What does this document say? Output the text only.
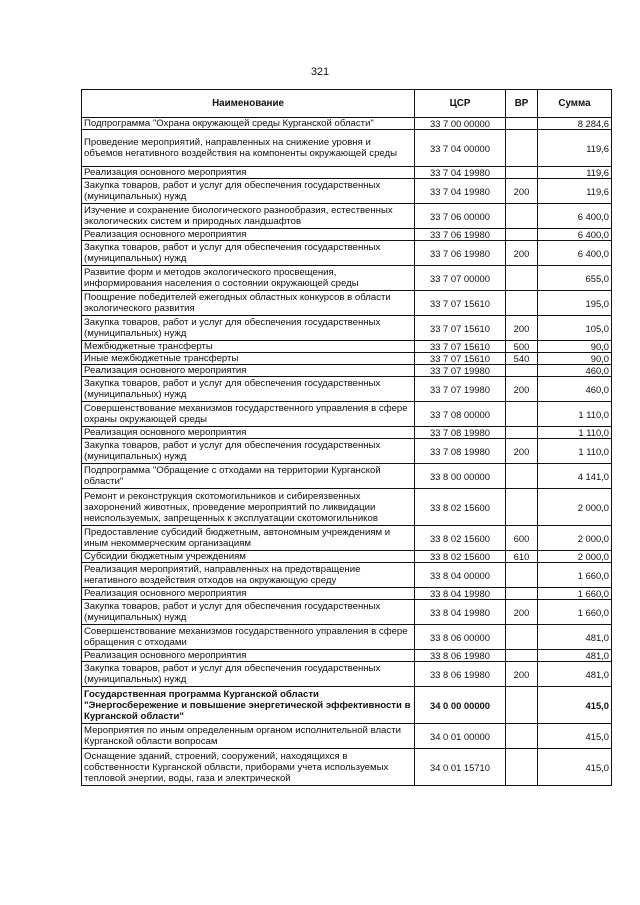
321
Наименование	ЦСР	ВР	Сумма
Подпрограмма "Охрана окружающей среды Курганской области"	33 7 00 00000		8 284,6
Проведение мероприятий, направленных на снижение уровня и объемов негативного воздействия на компоненты окружающей среды	33 7 04 00000		119,6
Реализация основного мероприятия	33 7 04 19980		119,6
Закупка товаров, работ и услуг для обеспечения государственных (муниципальных) нужд	33 7 04 19980	200	119,6
Изучение и сохранение биологического разнообразия, естественных экологических систем и природных ландшафтов	33 7 06 00000		6 400,0
Реализация основного мероприятия	33 7 06 19980		6 400,0
Закупка товаров, работ и услуг для обеспечения государственных (муниципальных) нужд	33 7 06 19980	200	6 400,0
Развитие форм и методов экологического просвещения, информирования населения о состоянии окружающей среды	33 7 07 00000		655,0
Поощрение победителей ежегодных областных конкурсов в области экологического развития	33 7 07 15610		195,0
Закупка товаров, работ и услуг для обеспечения государственных (муниципальных) нужд	33 7 07 15610	200	105,0
Межбюджетные трансферты	33 7 07 15610	500	90,0
Иные межбюджетные трансферты	33 7 07 15610	540	90,0
Реализация основного мероприятия	33 7 07 19980		460,0
Закупка товаров, работ и услуг для обеспечения государственных (муниципальных) нужд	33 7 07 19980	200	460,0
Совершенствование механизмов государственного управления в сфере охраны окружающей среды	33 7 08 00000		1 110,0
Реализация основного мероприятия	33 7 08 19980		1 110,0
Закупка товаров, работ и услуг для обеспечения государственных (муниципальных) нужд	33 7 08 19980	200	1 110,0
Подпрограмма "Обращение с отходами на территории Курганской области"	33 8 00 00000		4 141,0
Ремонт и реконструкция скотомогильников и сибиреязвенных захоронений животных, проведение мероприятий по ликвидации неиспользуемых, запрещенных к эксплуатации скотомогильников	33 8 02 15600		2 000,0
Предоставление субсидий бюджетным, автономным учреждениям и иным некоммерческим организациям	33 8 02 15600	600	2 000,0
Субсидии бюджетным учреждениям	33 8 02 15600	610	2 000,0
Реализация мероприятий, направленных на предотвращение негативного воздействия отходов на окружающую среду	33 8 04 00000		1 660,0
Реализация основного мероприятия	33 8 04 19980		1 660,0
Закупка товаров, работ и услуг для обеспечения государственных (муниципальных) нужд	33 8 04 19980	200	1 660,0
Совершенствование механизмов государственного управления в сфере обращения с отходами	33 8 06 00000		481,0
Реализация основного мероприятия	33 8 06 19980		481,0
Закупка товаров, работ и услуг для обеспечения государственных (муниципальных) нужд	33 8 06 19980	200	481,0
Государственная программа Курганской области "Энергосбережение и повышение энергетической эффективности в Курганской области"	34 0 00 00000		415,0
Мероприятия по иным определенным органом исполнительной власти Курганской области вопросам	34 0 01 00000		415,0
Оснащение зданий, строений, сооружений, находящихся в собственности Курганской области, приборами учета используемых тепловой энергии, воды, газа и электрической	34 0 01 15710		415,0
